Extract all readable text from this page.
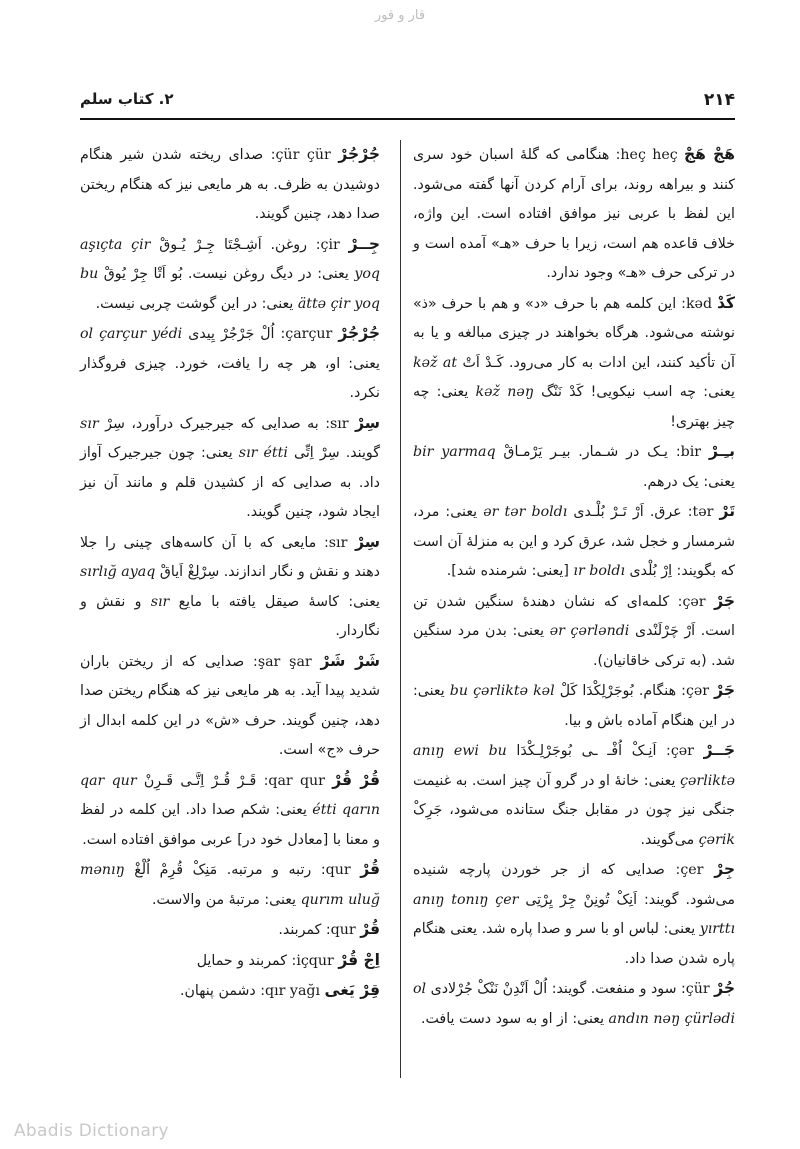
قار و قور
۲۱۴
۲. کتاب سلم

هَجْ هَجْ heç heç: هنگامی که گلهٔ اسبان خود سری کنند و بیراهه روند، برای آرام کردن آنها گفته می‌شود. این لفظ با عربی نیز موافق افتاده است. این واژه، خلاف قاعده هم است، زیرا با حرف «هـ» آمده است و در ترکی حرف «هـ» وجود ندارد.

کَدْ kəd: این کلمه هم با حرف «د» و هم با حرف «ذ» نوشته می‌شود. هرگاه بخواهند در چیزی مبالغه و یا به آن تأکید کنند، این ادات به کار می‌رود. کَـدْ اَتْ kəž at یعنی: چه اسب نیکویی! کَدْ نَنْگ kəž nəŋ یعنی: چه چیز بهتری!

بـِـرْ bir: یـک در شـمار. بیـر یَرْمـاقْ bir yarmaq یعنی: یک درهم.

تَرْ tər: عرق. اَرْ تَـرْ بُلْـدی ər tər boldı یعنی: مرد، شرمسار و خجل شد، عرق کرد و این به منزلهٔ آن است که بگویند: اِرْ بُلْدی ır boldı [یعنی: شرمنده شد].

جَرْ çər: کلمه‌ای که نشان دهندهٔ سنگین شدن تن است. اَرْ چَرْلَنْدی ər çərləndi یعنی: بدن مرد سنگین شد. (به ترکی خاقانیان).

جَرْ çər: هنگام. بُوجَرْلِکْدَا کَلْ bu çərliktə kəl یعنی: در این هنگام آماده باش و بیا.

جَــرْ çər: اَنِـکْ اُفْـ ـی بُوجَرْلِـکْدَا anıŋ ewi bu çərliktə یعنی: خانهٔ او در گرو آن چیز است. به غنیمت جنگی نیز چون در مقابل جنگ ستانده می‌شود، جَرِکْ çərik می‌گویند.

جِرْ çer: صدایی که از جر خوردن پارچه شنیده می‌شود. گویند: اَنِکْ تُونِنْ جِرْ یِرْتِی anıŋ tonıŋ çer yırttı یعنی: لباس او با سر و صدا پاره شد. یعنی هنگام پاره شدن صدا داد.

جُرْ çür: سود و منفعت. گویند: اُلْ اَنْدِنْ نَنْکْ جُرْلادی ol andın nəŋ çürlədi یعنی: از او به سود دست یافت.

جُرْجُرْ çür çür: صدای ریخته شدن شیر هنگام دوشیدن به ظرف. به هر مایعی نیز که هنگام ریختن صدا دهد، چنین گویند.

جِــرْ çir: روغن. اَشِـجْتَا جِـرْ یُـوقْ aşıçta çir yoq یعنی: در دیگ روغن نیست. بُو اَتْا جِرْ یُوقْ bu ättə çir yoq یعنی: در این گوشت چربی نیست.

جُرْجُرْ çarçur: اُلْ جَرْجُرْ یِیدی ol çarçur yédi یعنی: او، هر چه را یافت، خورد. چیزی فروگذار نکرد.

سِرْ sır: به صدایی که جیرجیرک درآورد، سِرْ sır گویند. سِرْ اِتِّی sır étti یعنی: چون جیرجیرک آواز داد. به صدایی که از کشیدن قلم و مانند آن نیز ایجاد شود، چنین گویند.

سِرْ sır: مایعی که با آن کاسه‌های چینی را جلا دهند و نقش و نگار اندازند. سِرْلِغْ اَیاقْ sırlığ ayaq یعنی: کاسهٔ صیقل یافته با مایع sır و نقش و نگاردار.

شَرْ شَرْ şar şar: صدایی که از ریختن باران شدید پیدا آید. به هر مایعی نیز که هنگام ریختن صدا دهد، چنین گویند. حرف «ش» در این کلمه ابدال از حرف «ج» است.

قُرْ قُرْ qar qur: قَـرْ قُـرْ اِتَّـی قَـرِنْ qar qur étti qarın یعنی: شکم صدا داد. این کلمه در لفظ و معنا با [معادل خود در] عربی موافق افتاده است.

قُرْ qur: رتبه و مرتبه. مَنِکْ قُرِمْ اُلْغْ mənıŋ qurım uluğ یعنی: مرتبهٔ من والاست.

قُرْ qur: کمربند.

اِجْ قُرْ içqur: کمربند و حمایل

قِرْ یَغی qır yağı: دشمن پنهان.

Abadis Dictionary
